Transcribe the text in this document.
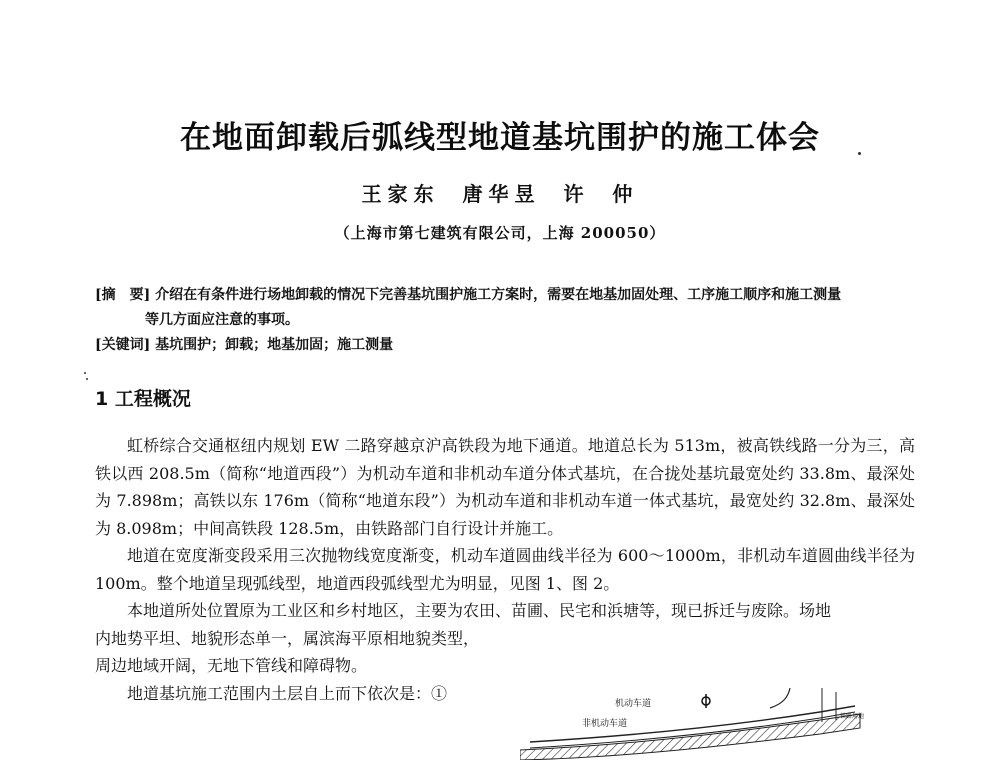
在地面卸载后弧线型地道基坑围护的施工体会
王家东 唐华昱 许 仲
（上海市第七建筑有限公司，上海 200050）
[摘　要] 介绍在有条件进行场地卸载的情况下完善基坑围护施工方案时，需要在地基加固处理、工序施工顺序和施工测量
等几方面应注意的事项。
[关键词] 基坑围护；卸载；地基加固；施工测量
1 工程概况

虹桥综合交通枢纽内规划 EW 二路穿越京沪高铁段为地下通道。地道总长为 513m，被高铁线路一分为三，高铁以西 208.5m（简称“地道西段”）为机动车道和非机动车道分体式基坑，在合拢处基坑最宽处约 33.8m、最深处为 7.898m；高铁以东 176m（简称“地道东段”）为机动车道和非机动车道一体式基坑，最宽处约 32.8m、最深处为 8.098m；中间高铁段 128.5m，由铁路部门自行设计并施工。

地道在宽度渐变段采用三次抛物线宽度渐变，机动车道圆曲线半径为 600～1000m，非机动车道圆曲线半径为 100m。整个地道呈现弧线型，地道西段弧线型尤为明显，见图 1、图 2。

本地道所处位置原为工业区和乡村地区，主要为农田、苗圃、民宅和浜塘等，现已拆迁与废除。场地

内地势平坦、地貌形态单一，属滨海平原相地貌类型，
周边地域开阔，无地下管线和障碍物。

地道基坑施工范围内土层自上而下依次是：①

机动车道
非机动车道
铁路用地
